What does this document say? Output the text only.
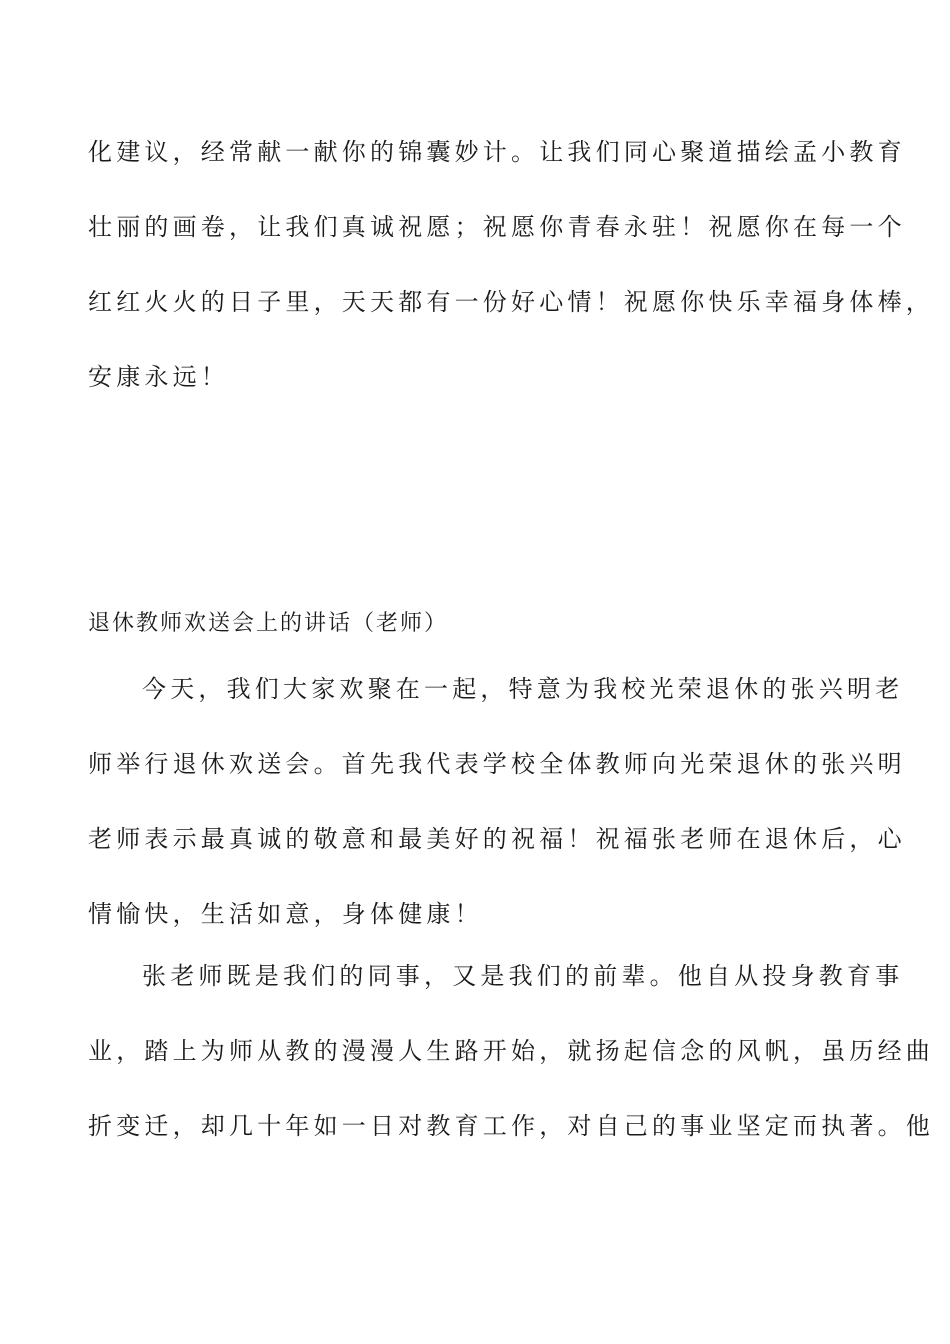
化建议，经常献一献你的锦囊妙计。让我们同心聚道描绘孟小教育
壮丽的画卷，让我们真诚祝愿；祝愿你青春永驻！祝愿你在每一个
红红火火的日子里，天天都有一份好心情！祝愿你快乐幸福身体棒，
安康永远！
退休教师欢送会上的讲话（老师）
今天，我们大家欢聚在一起，特意为我校光荣退休的张兴明老
师举行退休欢送会。首先我代表学校全体教师向光荣退休的张兴明
老师表示最真诚的敬意和最美好的祝福！祝福张老师在退休后，心
情愉快，生活如意，身体健康！
张老师既是我们的同事，又是我们的前辈。他自从投身教育事
业，踏上为师从教的漫漫人生路开始，就扬起信念的风帆，虽历经曲
折变迁，却几十年如一日对教育工作，对自己的事业坚定而执著。他
